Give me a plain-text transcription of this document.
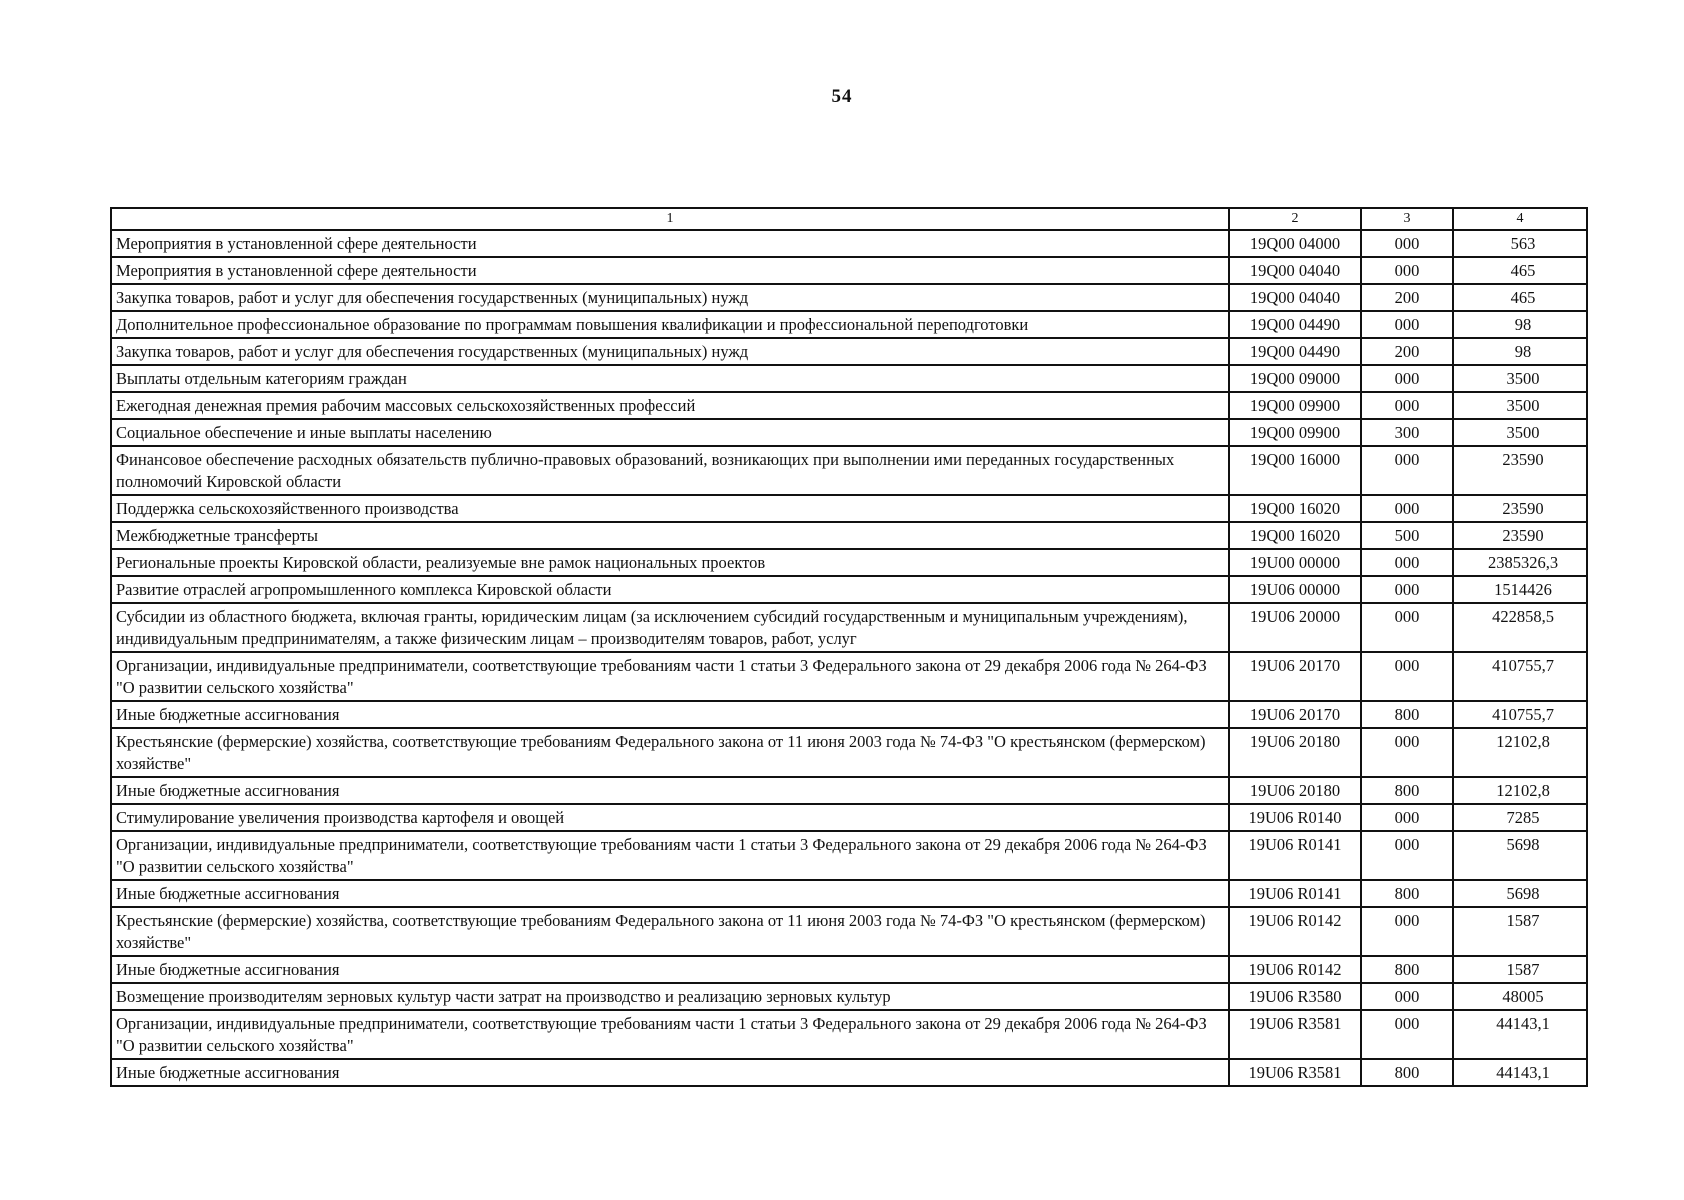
54
1	2	3	4
Мероприятия в установленной сфере деятельности	19Q00 04000	000	563
Мероприятия в установленной сфере деятельности	19Q00 04040	000	465
Закупка товаров, работ и услуг для обеспечения государственных (муниципальных) нужд	19Q00 04040	200	465
Дополнительное профессиональное образование по программам повышения квалификации и профессиональной переподготовки	19Q00 04490	000	98
Закупка товаров, работ и услуг для обеспечения государственных (муниципальных) нужд	19Q00 04490	200	98
Выплаты отдельным категориям граждан	19Q00 09000	000	3500
Ежегодная денежная премия рабочим массовых сельскохозяйственных профессий	19Q00 09900	000	3500
Социальное обеспечение и иные выплаты населению	19Q00 09900	300	3500
Финансовое обеспечение расходных обязательств публично-правовых образований, возникающих при выполнении ими переданных государственных полномочий Кировской области	19Q00 16000	000	23590
Поддержка сельскохозяйственного производства	19Q00 16020	000	23590
Межбюджетные трансферты	19Q00 16020	500	23590
Региональные проекты Кировской области, реализуемые вне рамок национальных проектов	19U00 00000	000	2385326,3
Развитие отраслей агропромышленного комплекса Кировской области	19U06 00000	000	1514426
Субсидии из областного бюджета, включая гранты, юридическим лицам (за исключением субсидий государственным и муниципальным учреждениям), индивидуальным предпринимателям, а также физическим лицам – производителям товаров, работ, услуг	19U06 20000	000	422858,5
Организации, индивидуальные предприниматели, соответствующие требованиям части 1 статьи 3 Федерального закона от 29 декабря 2006 года № 264-ФЗ "О развитии сельского хозяйства"	19U06 20170	000	410755,7
Иные бюджетные ассигнования	19U06 20170	800	410755,7
Крестьянские (фермерские) хозяйства, соответствующие требованиям Федерального закона от 11 июня 2003 года № 74-ФЗ "О крестьянском (фермерском) хозяйстве"	19U06 20180	000	12102,8
Иные бюджетные ассигнования	19U06 20180	800	12102,8
Стимулирование увеличения производства картофеля и овощей	19U06 R0140	000	7285
Организации, индивидуальные предприниматели, соответствующие требованиям части 1 статьи 3 Федерального закона от 29 декабря 2006 года № 264-ФЗ "О развитии сельского хозяйства"	19U06 R0141	000	5698
Иные бюджетные ассигнования	19U06 R0141	800	5698
Крестьянские (фермерские) хозяйства, соответствующие требованиям Федерального закона от 11 июня 2003 года № 74-ФЗ "О крестьянском (фермерском) хозяйстве"	19U06 R0142	000	1587
Иные бюджетные ассигнования	19U06 R0142	800	1587
Возмещение производителям зерновых культур части затрат на производство и реализацию зерновых культур	19U06 R3580	000	48005
Организации, индивидуальные предприниматели, соответствующие требованиям части 1 статьи 3 Федерального закона от 29 декабря 2006 года № 264-ФЗ "О развитии сельского хозяйства"	19U06 R3581	000	44143,1
Иные бюджетные ассигнования	19U06 R3581	800	44143,1
